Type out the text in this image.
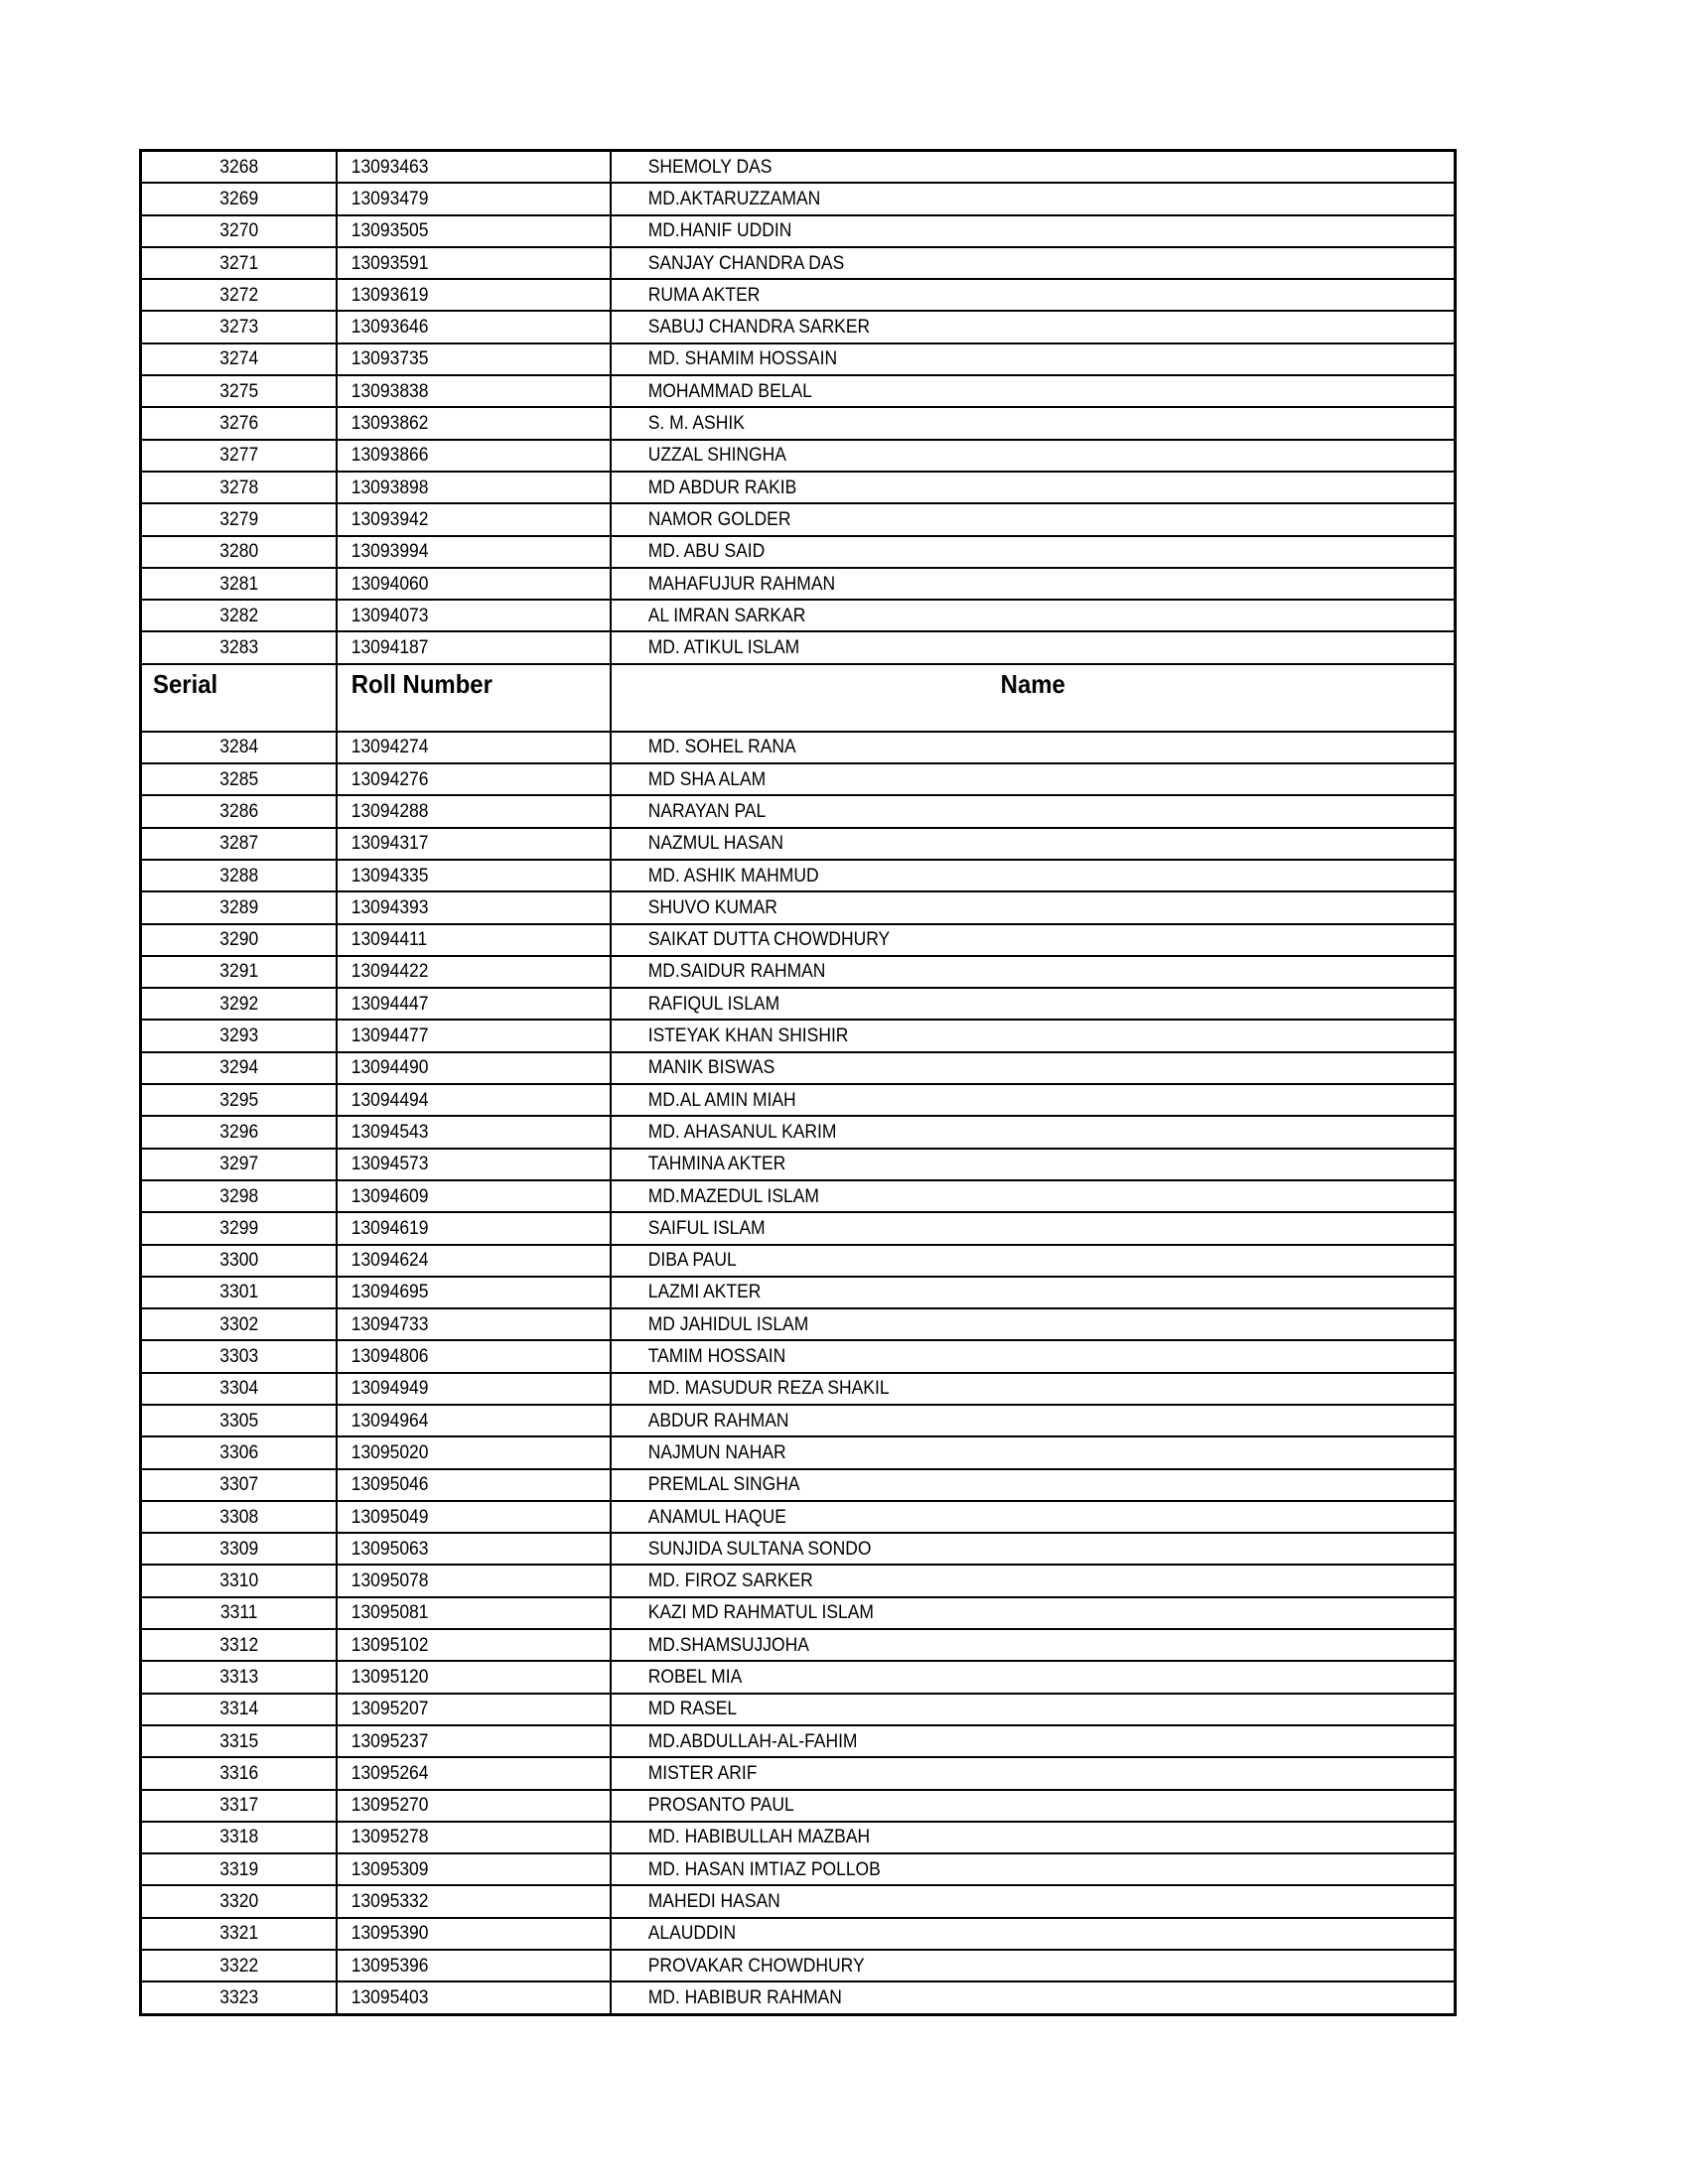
3268	13093463	SHEMOLY DAS
3269	13093479	MD.AKTARUZZAMAN
3270	13093505	MD.HANIF UDDIN
3271	13093591	SANJAY CHANDRA DAS
3272	13093619	RUMA AKTER
3273	13093646	SABUJ CHANDRA SARKER
3274	13093735	MD. SHAMIM HOSSAIN
3275	13093838	MOHAMMAD BELAL
3276	13093862	S. M. ASHIK
3277	13093866	UZZAL SHINGHA
3278	13093898	MD ABDUR RAKIB
3279	13093942	NAMOR GOLDER
3280	13093994	MD. ABU SAID
3281	13094060	MAHAFUJUR RAHMAN
3282	13094073	AL IMRAN SARKAR
3283	13094187	MD. ATIKUL ISLAM
Serial	Roll Number	Name
3284	13094274	MD. SOHEL RANA
3285	13094276	MD SHA ALAM
3286	13094288	NARAYAN PAL
3287	13094317	NAZMUL HASAN
3288	13094335	MD. ASHIK MAHMUD
3289	13094393	SHUVO KUMAR
3290	13094411	SAIKAT DUTTA CHOWDHURY
3291	13094422	MD.SAIDUR RAHMAN
3292	13094447	RAFIQUL ISLAM
3293	13094477	ISTEYAK KHAN SHISHIR
3294	13094490	MANIK BISWAS
3295	13094494	MD.AL AMIN MIAH
3296	13094543	MD. AHASANUL KARIM
3297	13094573	TAHMINA AKTER
3298	13094609	MD.MAZEDUL ISLAM
3299	13094619	SAIFUL ISLAM
3300	13094624	DIBA PAUL
3301	13094695	LAZMI AKTER
3302	13094733	MD JAHIDUL ISLAM
3303	13094806	TAMIM HOSSAIN
3304	13094949	MD. MASUDUR REZA SHAKIL
3305	13094964	ABDUR RAHMAN
3306	13095020	NAJMUN NAHAR
3307	13095046	PREMLAL SINGHA
3308	13095049	ANAMUL HAQUE
3309	13095063	SUNJIDA SULTANA SONDO
3310	13095078	MD. FIROZ SARKER
3311	13095081	KAZI MD RAHMATUL ISLAM
3312	13095102	MD.SHAMSUJJOHA
3313	13095120	ROBEL MIA
3314	13095207	MD RASEL
3315	13095237	MD.ABDULLAH-AL-FAHIM
3316	13095264	MISTER ARIF
3317	13095270	PROSANTO PAUL
3318	13095278	MD. HABIBULLAH MAZBAH
3319	13095309	MD. HASAN IMTIAZ POLLOB
3320	13095332	MAHEDI HASAN
3321	13095390	ALAUDDIN
3322	13095396	PROVAKAR CHOWDHURY
3323	13095403	MD. HABIBUR RAHMAN
